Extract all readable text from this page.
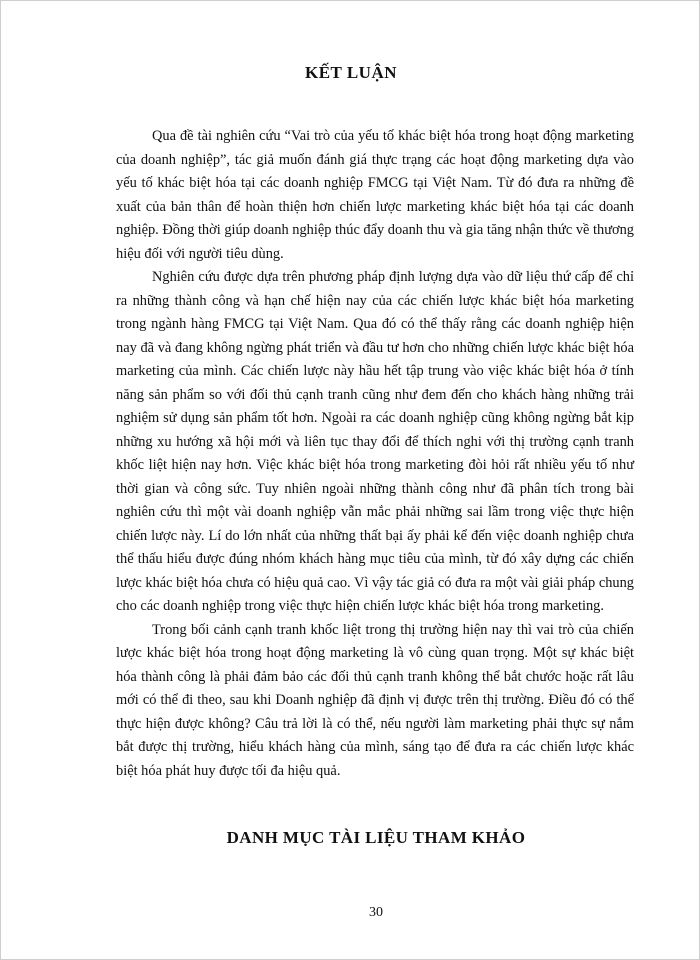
KẾT LUẬN

Qua đề tài nghiên cứu “Vai trò của yếu tố khác biệt hóa trong hoạt động marketing của doanh nghiệp”, tác giả muốn đánh giá thực trạng các hoạt động marketing dựa vào yếu tố khác biệt hóa tại các doanh nghiệp FMCG tại Việt Nam. Từ đó đưa ra những đề xuất của bản thân để hoàn thiện hơn chiến lược marketing khác biệt hóa tại các doanh nghiệp. Đồng thời giúp doanh nghiệp thúc đẩy doanh thu và gia tăng nhận thức về thương hiệu đối với người tiêu dùng.

Nghiên cứu được dựa trên phương pháp định lượng dựa vào dữ liệu thứ cấp để chỉ ra những thành công và hạn chế hiện nay của các chiến lược khác biệt hóa marketing trong ngành hàng FMCG tại Việt Nam. Qua đó có thể thấy rằng các doanh nghiệp hiện nay đã và đang không ngừng phát triển và đầu tư hơn cho những chiến lược khác biệt hóa marketing của mình. Các chiến lược này hầu hết tập trung vào việc khác biệt hóa ở tính năng sản phẩm so với đối thủ cạnh tranh cũng như đem đến cho khách hàng những trải nghiệm sử dụng sản phẩm tốt hơn. Ngoài ra các doanh nghiệp cũng không ngừng bắt kịp những xu hướng xã hội mới và liên tục thay đổi để thích nghi với thị trường cạnh tranh khốc liệt hiện nay hơn. Việc khác biệt hóa trong marketing đòi hỏi rất nhiều yếu tố như thời gian và công sức. Tuy nhiên ngoài những thành công như đã phân tích trong bài nghiên cứu thì một vài doanh nghiệp vẫn mắc phải những sai lầm trong việc thực hiện chiến lược này. Lí do lớn nhất của những thất bại ấy phải kể đến việc doanh nghiệp chưa thể thấu hiểu được đúng nhóm khách hàng mục tiêu của mình, từ đó xây dựng các chiến lược khác biệt hóa chưa có hiệu quả cao. Vì vậy tác giả có đưa ra một vài giải pháp chung cho các doanh nghiệp trong việc thực hiện chiến lược khác biệt hóa trong marketing.

Trong bối cảnh cạnh tranh khốc liệt trong thị trường hiện nay thì vai trò của chiến lược khác biệt hóa trong hoạt động marketing là vô cùng quan trọng. Một sự khác biệt hóa thành công là phải đảm bảo các đối thủ cạnh tranh không thể bắt chước hoặc rất lâu mới có thể đi theo, sau khi Doanh nghiệp đã định vị được trên thị trường. Điều đó có thể thực hiện được không? Câu trả lời là có thể, nếu người làm marketing phải thực sự nắm bắt được thị trường, hiểu khách hàng của mình, sáng tạo để đưa ra các chiến lược khác biệt hóa phát huy được tối đa hiệu quả.

DANH MỤC TÀI LIỆU THAM KHẢO
30
